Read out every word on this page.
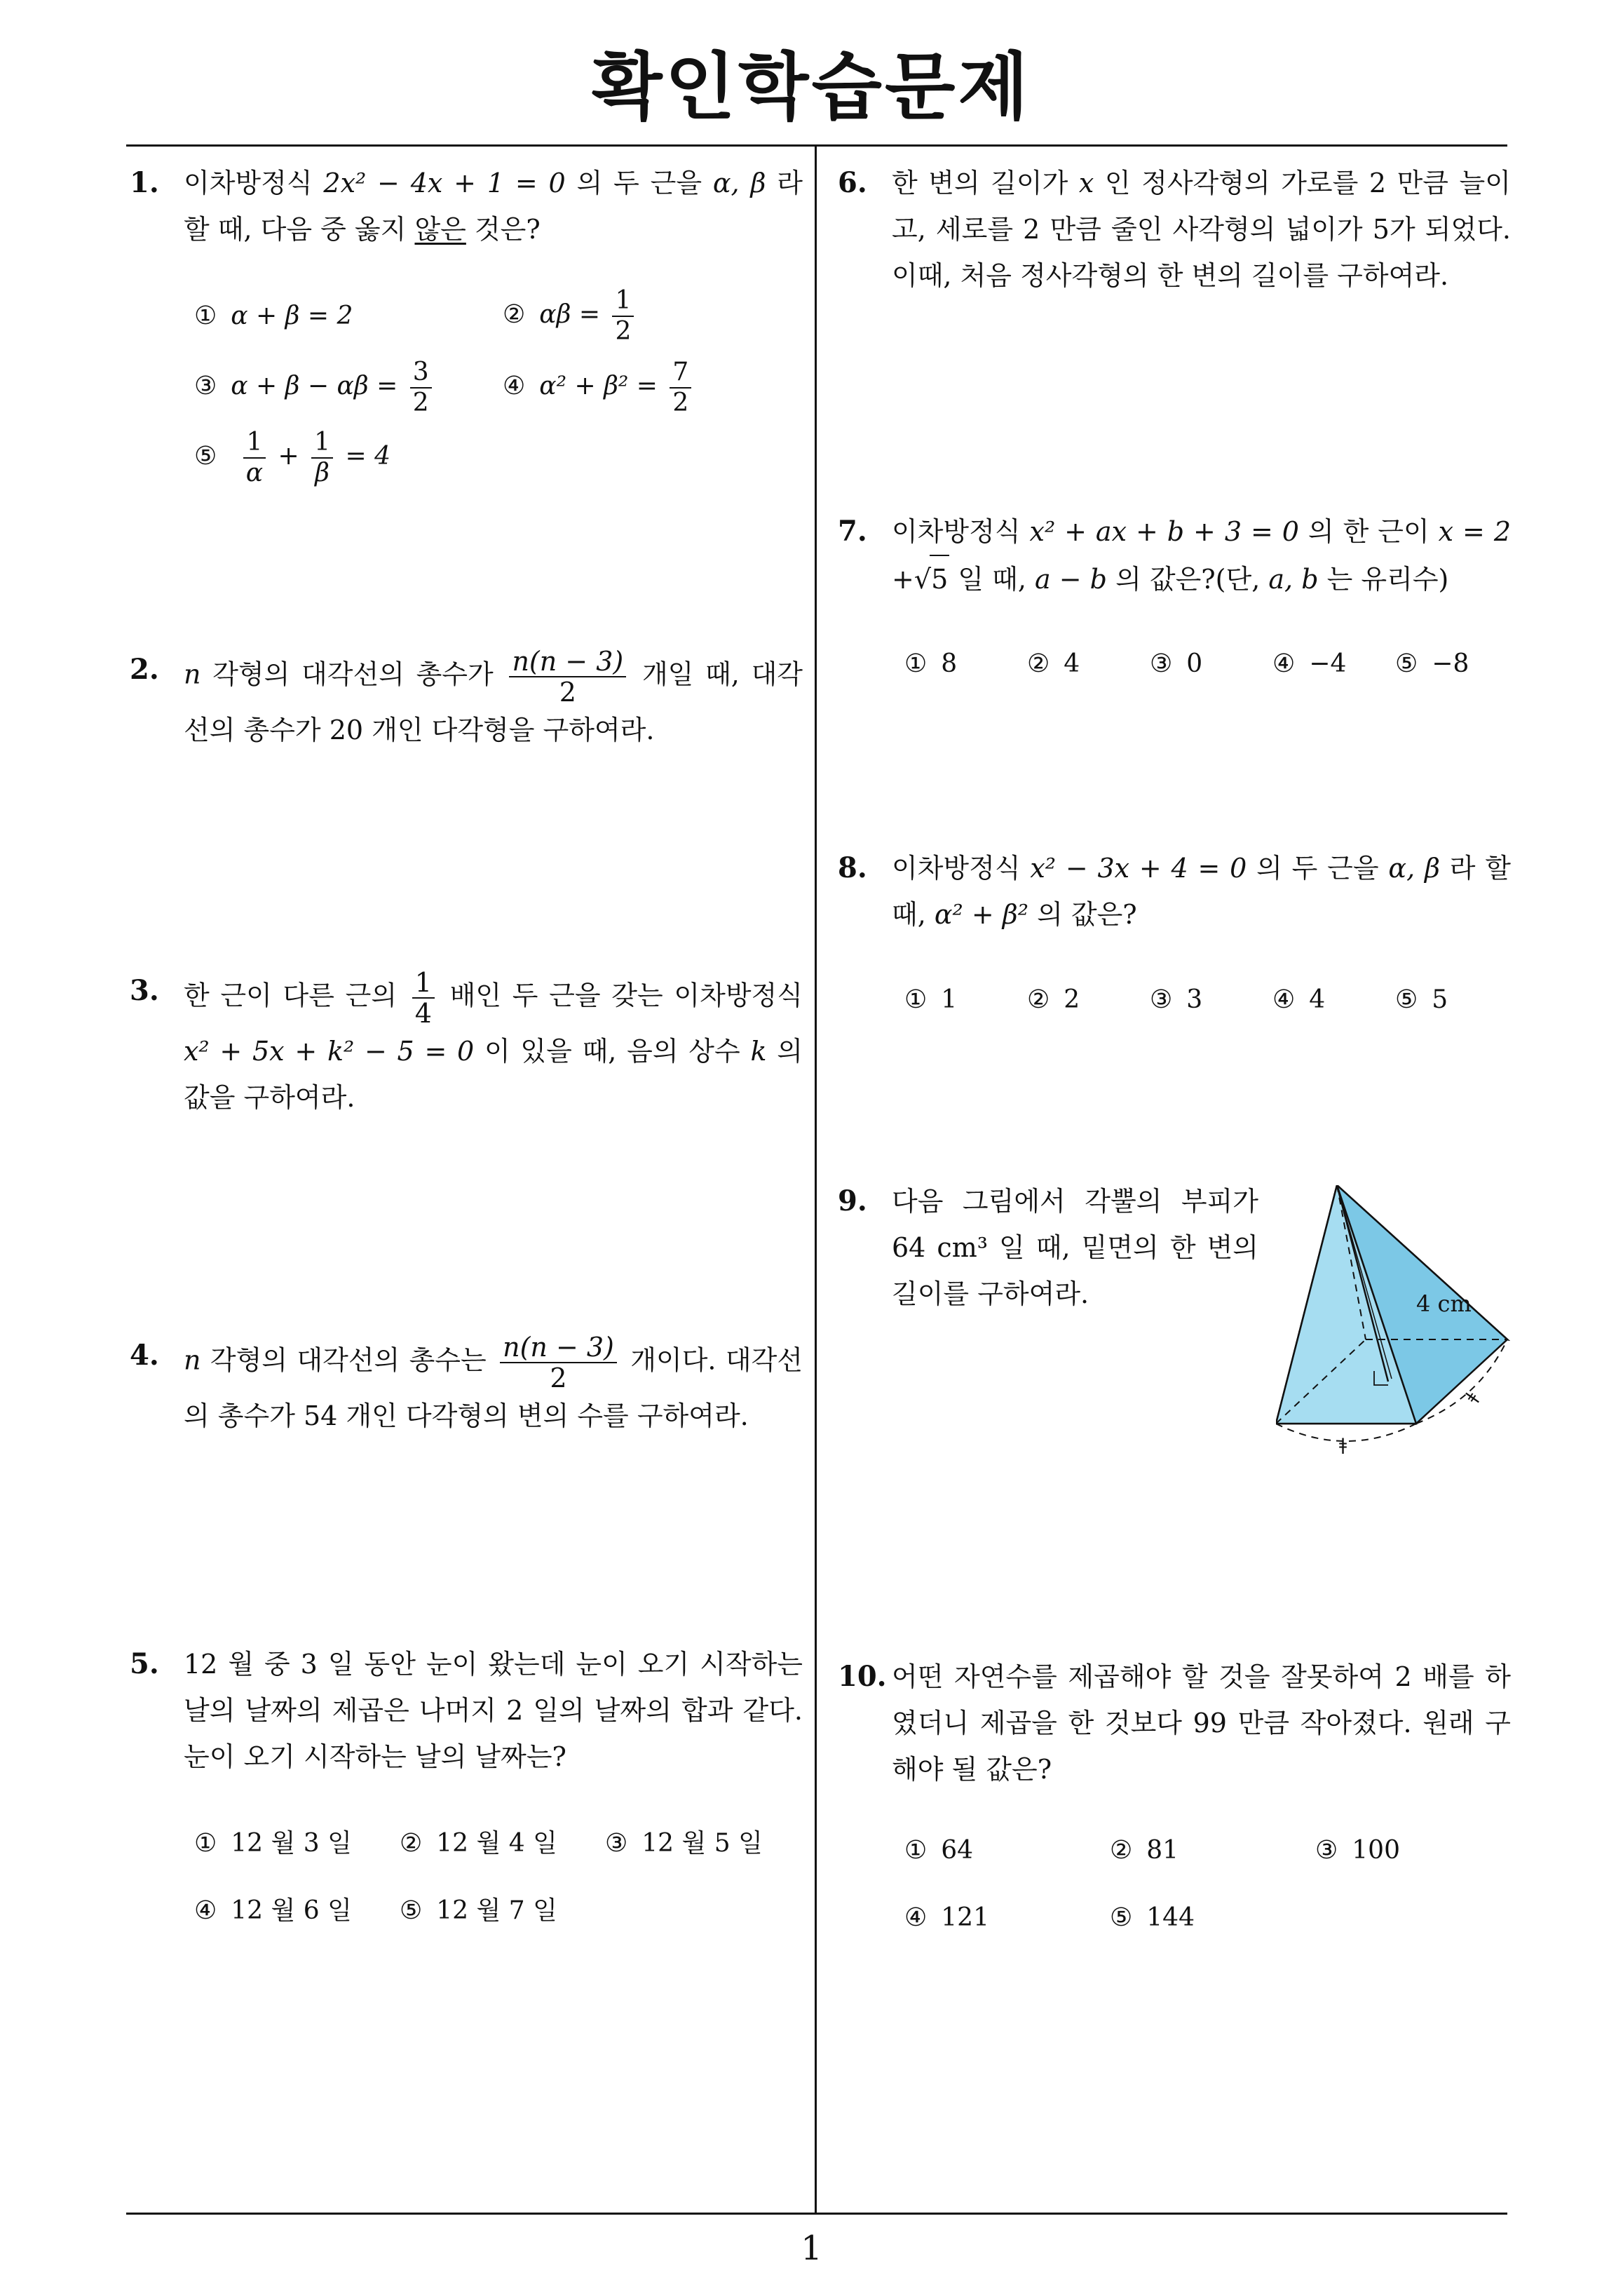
확인학습문제
1
1. 이차방정식 2x² − 4x + 1 = 0 의 두 근을 α, β 라 할 때, 다음 중 옳지 않은 것은?
① α + β = 2	② $\alpha\beta = \frac{1}{2}$
③ $\alpha + \beta - \alpha\beta = \frac{3}{2}$	④ $\alpha^2 + \beta^2 = \frac{7}{2}$
⑤ $\frac{1}{\alpha} + \frac{1}{\beta} = 4$
2. n 각형의 대각선의 총수가 $\frac{n(n - 3)}{2}$ 개일 때, 대각선의 총수가 20 개인 다각형을 구하여라.
3. 한 근이 다른 근의 $\frac{1}{4}$ 배인 두 근을 갖는 이차방정식 x² + 5x + k² − 5 = 0 이 있을 때, 음의 상수 k 의 값을 구하여라.
4. n 각형의 대각선의 총수는 $\frac{n(n - 3)}{2}$ 개이다. 대각선의 총수가 54 개인 다각형의 변의 수를 구하여라.
5. 12 월 중 3 일 동안 눈이 왔는데 눈이 오기 시작하는 날의 날짜의 제곱은 나머지 2 일의 날짜의 합과 같다. 눈이 오기 시작하는 날의 날짜는?
① 12 월 3 일 ② 12 월 4 일 ③ 12 월 5 일
④ 12 월 6 일 ⑤ 12 월 7 일
6. 한 변의 길이가 x 인 정사각형의 가로를 2 만큼 늘이고, 세로를 2 만큼 줄인 사각형의 넓이가 5가 되었다. 이때, 처음 정사각형의 한 변의 길이를 구하여라.
7. 이차방정식 x² + ax + b + 3 = 0 의 한 근이 x = 2 +√5 일 때, a − b 의 값은?(단, a, b 는 유리수)
① 8	② 4	③ 0	④ −4 ⑤ −8
8. 이차방정식 x² − 3x + 4 = 0 의 두 근을 α, β 라 할 때, α² + β² 의 값은?
① 1	② 2	③ 3	④ 4	⑤ 5
9. 다음 그림에서 각뿔의 부피가 64 cm³ 일 때, 밑면의 한 변의 길이를 구하여라.	4 cm
ǂ
ǂ
10. 어떤 자연수를 제곱해야 할 것을 잘못하여 2 배를 하였더니 제곱을 한 것보다 99 만큼 작아졌다. 원래 구해야 될 값은?
① 64	② 81	③ 100
④ 121	⑤ 144
